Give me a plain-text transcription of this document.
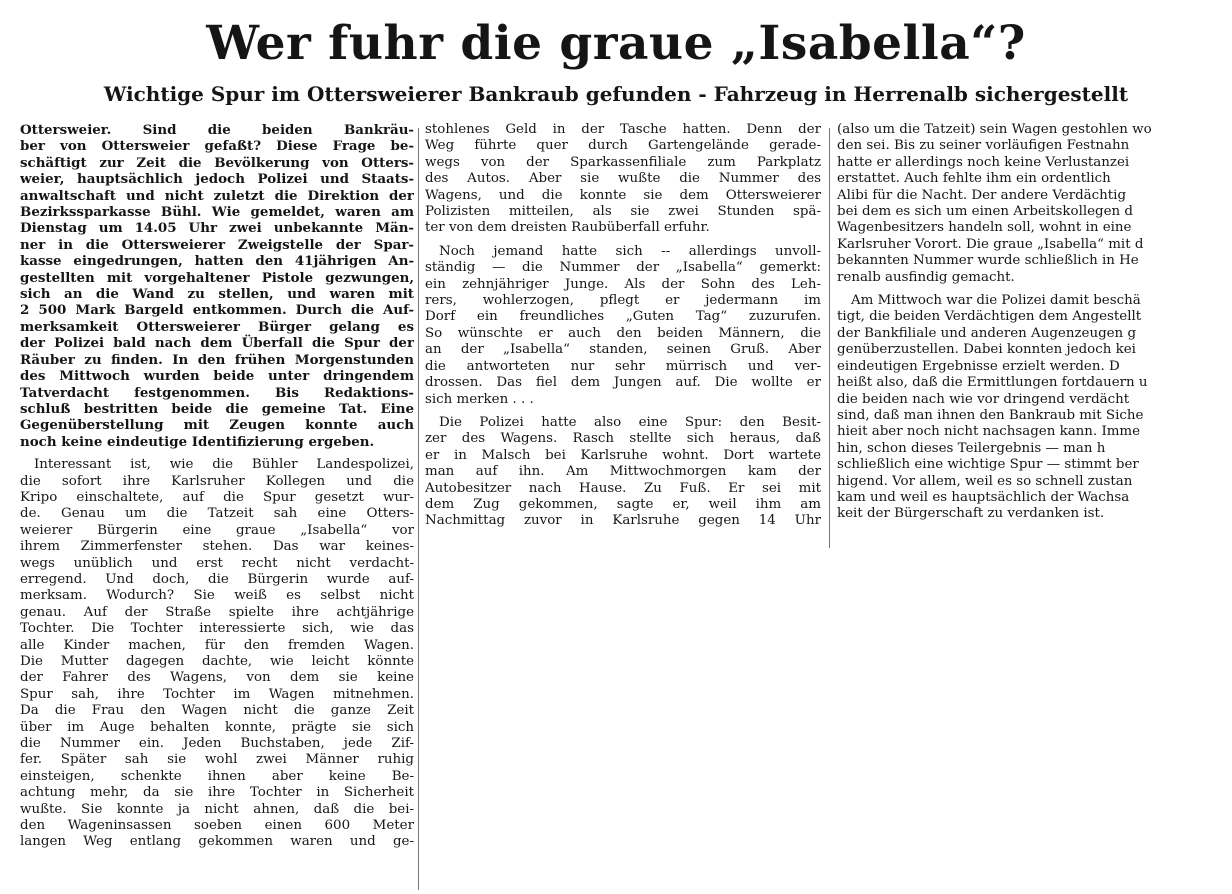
Wer fuhr die graue „Isabella“?
Wichtige Spur im Ottersweierer Bankraub gefunden - Fahrzeug in Herrenalb sichergestellt
Ottersweier. Sind die beiden Bankräu-
ber von Ottersweier gefaßt? Diese Frage be-
schäftigt zur Zeit die Bevölkerung von Otters-
weier, hauptsächlich jedoch Polizei und Staats-
anwaltschaft und nicht zuletzt die Direktion der
Bezirkssparkasse Bühl. Wie gemeldet, waren am
Dienstag um 14.05 Uhr zwei unbekannte Män-
ner in die Ottersweierer Zweigstelle der Spar-
kasse eingedrungen, hatten den 41jährigen An-
gestellten mit vorgehaltener Pistole gezwungen,
sich an die Wand zu stellen, und waren mit
2 500 Mark Bargeld entkommen. Durch die Auf-
merksamkeit Ottersweierer Bürger gelang es
der Polizei bald nach dem Überfall die Spur der
Räuber zu finden. In den frühen Morgenstunden
des Mittwoch wurden beide unter dringendem
Tatverdacht festgenommen. Bis Redaktions-
schluß bestritten beide die gemeine Tat. Eine
Gegenüberstellung mit Zeugen konnte auch
noch keine eindeutige Identifizierung ergeben.
Interessant ist, wie die Bühler Landespolizei,
die sofort ihre Karlsruher Kollegen und die
Kripo einschaltete, auf die Spur gesetzt wur-
de. Genau um die Tatzeit sah eine Otters-
weierer Bürgerin eine graue „Isabella“ vor
ihrem Zimmerfenster stehen. Das war keines-
wegs unüblich und erst recht nicht verdacht-
erregend. Und doch, die Bürgerin wurde auf-
merksam. Wodurch? Sie weiß es selbst nicht
genau. Auf der Straße spielte ihre achtjährige
Tochter. Die Tochter interessierte sich, wie das
alle Kinder machen, für den fremden Wagen.
Die Mutter dagegen dachte, wie leicht könnte
der Fahrer des Wagens, von dem sie keine
Spur sah, ihre Tochter im Wagen mitnehmen.
Da die Frau den Wagen nicht die ganze Zeit
über im Auge behalten konnte, prägte sie sich
die Nummer ein. Jeden Buchstaben, jede Zif-
fer. Später sah sie wohl zwei Männer ruhig
einsteigen, schenkte ihnen aber keine Be-
achtung mehr, da sie ihre Tochter in Sicherheit
wußte. Sie konnte ja nicht ahnen, daß die bei-
den Wageninsassen soeben einen 600 Meter
langen Weg entlang gekommen waren und ge-
stohlenes Geld in der Tasche hatten. Denn der
Weg führte quer durch Gartengelände gerade-
wegs von der Sparkassenfiliale zum Parkplatz
des Autos. Aber sie wußte die Nummer des
Wagens, und die konnte sie dem Ottersweierer
Polizisten mitteilen, als sie zwei Stunden spä-
ter von dem dreisten Raubüberfall erfuhr.
Noch jemand hatte sich -- allerdings unvoll-
ständig — die Nummer der „Isabella“ gemerkt:
ein zehnjähriger Junge. Als der Sohn des Leh-
rers, wohlerzogen, pflegt er jedermann im
Dorf ein freundliches „Guten Tag“ zuzurufen.
So wünschte er auch den beiden Männern, die
an der „Isabella“ standen, seinen Gruß. Aber
die antworteten nur sehr mürrisch und ver-
drossen. Das fiel dem Jungen auf. Die wollte er
sich merken . . .
Die Polizei hatte also eine Spur: den Besit-
zer des Wagens. Rasch stellte sich heraus, daß
er in Malsch bei Karlsruhe wohnt. Dort wartete
man auf ihn. Am Mittwochmorgen kam der
Autobesitzer nach Hause. Zu Fuß. Er sei mit
dem Zug gekommen, sagte er, weil ihm am
Nachmittag zuvor in Karlsruhe gegen 14 Uhr
(also um die Tatzeit) sein Wagen gestohlen wo
den sei. Bis zu seiner vorläufigen Festnahn
hatte er allerdings noch keine Verlustanzei
erstattet. Auch fehlte ihm ein ordentlich
Alibi für die Nacht. Der andere Verdächtig
bei dem es sich um einen Arbeitskollegen d
Wagenbesitzers handeln soll, wohnt in eine
Karlsruher Vorort. Die graue „Isabella“ mit d
bekannten Nummer wurde schließlich in He
renalb ausfindig gemacht.
Am Mittwoch war die Polizei damit beschä
tigt, die beiden Verdächtigen dem Angestellt
der Bankfiliale und anderen Augenzeugen g
genüberzustellen. Dabei konnten jedoch kei
eindeutigen Ergebnisse erzielt werden. D
heißt also, daß die Ermittlungen fortdauern u
die beiden nach wie vor dringend verdächt
sind, daß man ihnen den Bankraub mit Siche
hieit aber noch nicht nachsagen kann. Imme
hin, schon dieses Teilergebnis — man h
schließlich eine wichtige Spur — stimmt ber
higend. Vor allem, weil es so schnell zustan
kam und weil es hauptsächlich der Wachsa
keit der Bürgerschaft zu verdanken ist.
